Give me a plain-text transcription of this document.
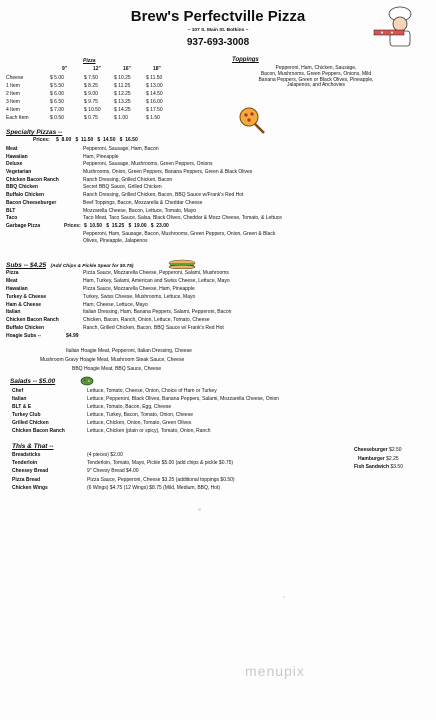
Brew's Perfectville Pizza
~ 107 S. Main St. Botkins ~
937-693-3008
Pizza
9"	12"	16"	18"
Cheese	$ 5.00	$ 7.50	$ 10.25	$ 11.50
1 Item	$ 5.50	$ 8.25	$ 11.25	$ 13.00
2 Item	$ 6.00	$ 9.00	$ 12.25	$ 14.50
3 Item	$ 6.50	$ 9.75	$ 13.25	$ 16.00
4 Item	$ 7.00	$ 10.50	$ 14.25	$ 17.50
Each Item	$ 0.50	$ 0.75	$ 1.00	$ 1.50
Toppings
Pepperoni, Ham, Chicken, Sausage,
Bacon, Mushrooms, Green Peppers, Onions, Mild
Banana Peppers, Green or Black Olives, Pineapple,
Jalapenos, and Anchovies
Specialty Pizzas --
Prices: $  8.00   $  11.50   $  14.50   $  16.50
Meat	Pepperoni, Sausage, Ham, Bacon
Hawaiian	Ham, Pineapple
Deluxe	Pepperoni, Sausage, Mushrooms, Green Peppers, Onions
Vegetarian	Mushrooms, Onion, Green Peppers, Banana Peppers, Green & Black Olives
Chicken Bacon Ranch	Ranch Dressing, Grilled Chicken, Bacon
BBQ Chicken	Secret BBQ Sauce, Grilled Chicken
Buffalo Chicken	Ranch Dressing, Grilled Chicken, Bacon, BBQ Sauce w/Frank's Red Hot
Bacon Cheeseburger	Beef Toppings, Bacon, Mozzarella & Cheddar Cheese
BLT	Mozzarella Cheese, Bacon, Lettuce, Tomato, Mayo
Taco	Taco Meat, Taco Sauce, Salsa, Black Olives, Cheddar & Mozz Cheese, Tomato, & Lettuce
Garbage Pizza	Prices: $  10.50   $  15.25   $  19.00   $  23.00
Pepperoni, Ham, Sausage, Bacon, Mushrooms, Green Peppers, Onion, Green & Black
Olives, Pineapple, Jalapenos
Subs -- $4.25 (Add Chips & Pickle Spear for $0.75)
Pizza	Pizza Sauce, Mozzarella Cheese, Pepperoni, Salami, Mushrooms
Meat	Ham, Turkey, Salami, American and Swiss Cheese, Lettuce, Mayo
Hawaiian	Pizza Sauce, Mozzarella Cheese, Ham, Pineapple
Turkey & Cheese	Turkey, Swiss Cheese, Mushrooms, Lettuce, Mayo
Ham & Cheese	Ham, Cheese, Lettuce, Mayo
Italian	Italian Dressing, Ham, Banana Peppers, Salami, Pepperoni, Bacon
Chicken Bacon Ranch	Chicken, Bacon, Ranch, Onion, Lettuce, Tomato, Cheese
Buffalo Chicken	Ranch, Grilled Chicken, Bacon, BBQ Sauce w/ Frank's Red Hot
Hoagie Subs --	$4.99
Italian Hoagie Meat, Pepperoni, Italian Dressing, Cheese
Mushroom Gravy Hoagie Meat, Mushroom Steak Sauce, Cheese
BBQ Hoagie Meat, BBQ Sauce, Cheese
Salads -- $5.00
Chef	Lettuce, Tomato, Cheese, Onion, Choice of Ham or Turkey
Italian	Lettuce, Pepperoni, Black Olives, Banana Peppers, Salami, Mozzarella Cheese, Onion
BLT & E	Lettuce, Tomato, Bacon, Egg, Cheese
Turkey Club	Lettuce, Turkey, Bacon, Tomato, Onion, Cheese
Grilled Chicken	Lettuce, Chicken, Onion, Tomato, Green Olives
Chicken Bacon Ranch	Lettuce, Chicken (plain or spicy), Tomato, Onion, Ranch
This & That --
Breadsticks	(4 pieces) $2.00
Tenderloin	Tenderloin, Tomato, Mayo, Pickle $5.00 (add chips & pickle $0.75)
Cheesey Bread	9" Cheesy Bread $4.00
Pizza Bread	Pizza Sauce, Pepperoni, Cheese $3.25 (additional toppings $0.50)
Chicken Wings	(6 Wings) $4.75 (12 Wings) $8.75 (Mild, Medium, BBQ, Hot)
Cheeseburger $2.50
Hamburger $2.25
Fish Sandwich $3.50
menupix
